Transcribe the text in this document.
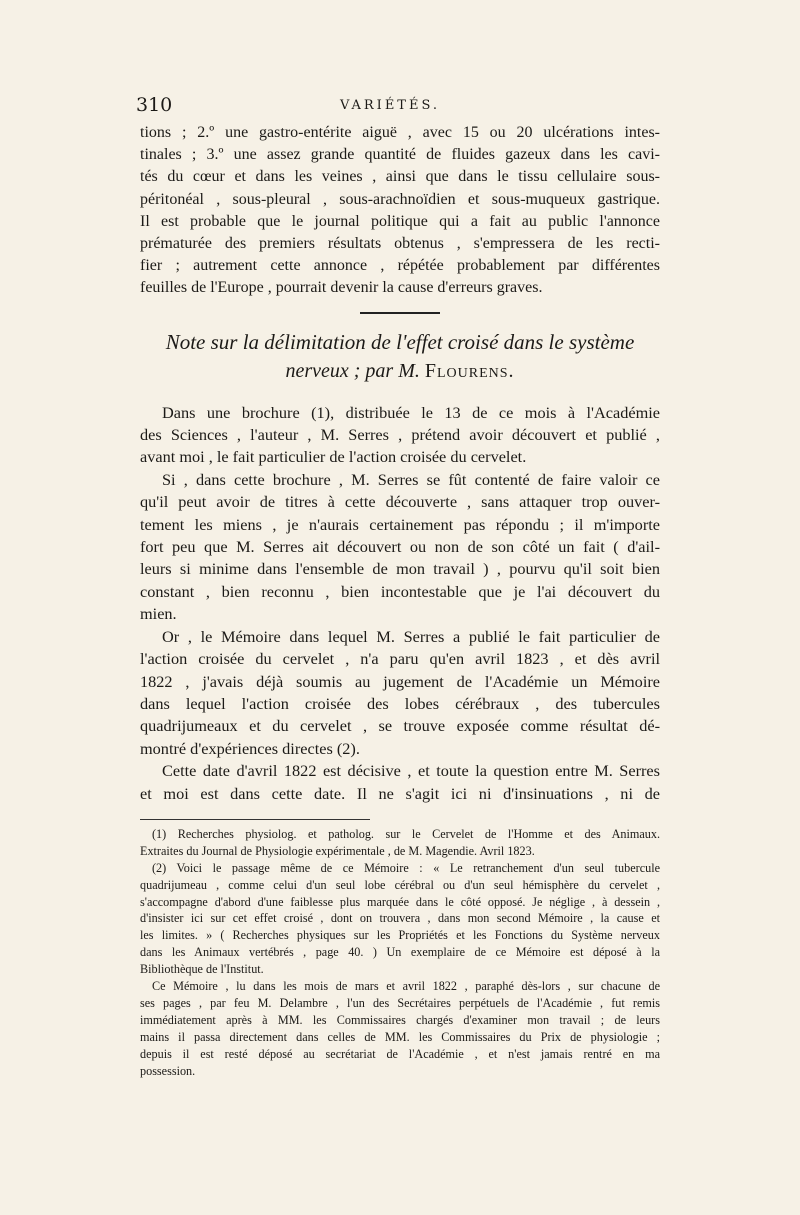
310	VARIÉTÉS.
tions ; 2.º une gastro-entérite aiguë , avec 15 ou 20 ulcérations intes-
tinales ; 3.º une assez grande quantité de fluides gazeux dans les cavi-
tés du cœur et dans les veines , ainsi que dans le tissu cellulaire sous-
péritonéal , sous-pleural , sous-arachnoïdien et sous-muqueux gastrique.
Il est probable que le journal politique qui a fait au public l'annonce
prématurée des premiers résultats obtenus , s'empressera de les recti-
fier ; autrement cette annonce , répétée probablement par différentes
feuilles de l'Europe , pourrait devenir la cause d'erreurs graves.
Note sur la délimitation de l'effet croisé dans le système
nerveux ; par M. Flourens.
Dans une brochure (1), distribuée le 13 de ce mois à l'Académie
des Sciences , l'auteur , M. Serres , prétend avoir découvert et publié ,
avant moi , le fait particulier de l'action croisée du cervelet.
Si , dans cette brochure , M. Serres se fût contenté de faire valoir ce
qu'il peut avoir de titres à cette découverte , sans attaquer trop ouver-
tement les miens , je n'aurais certainement pas répondu ; il m'importe
fort peu que M. Serres ait découvert ou non de son côté un fait ( d'ail-
leurs si minime dans l'ensemble de mon travail ) , pourvu qu'il soit bien
constant , bien reconnu , bien incontestable que je l'ai découvert du
mien.
Or , le Mémoire dans lequel M. Serres a publié le fait particulier de
l'action croisée du cervelet , n'a paru qu'en avril 1823 , et dès avril
1822 , j'avais déjà soumis au jugement de l'Académie un Mémoire
dans lequel l'action croisée des lobes cérébraux , des tubercules
quadrijumeaux et du cervelet , se trouve exposée comme résultat dé-
montré d'expériences directes (2).
Cette date d'avril 1822 est décisive , et toute la question entre M. Serres
et moi est dans cette date. Il ne s'agit ici ni d'insinuations , ni de
(1) Recherches physiolog. et patholog. sur le Cervelet de l'Homme et des Animaux.
Extraites du Journal de Physiologie expérimentale , de M. Magendie. Avril 1823.
(2) Voici le passage même de ce Mémoire : « Le retranchement d'un seul tubercule
quadrijumeau , comme celui d'un seul lobe cérébral ou d'un seul hémisphère du cervelet ,
s'accompagne d'abord d'une faiblesse plus marquée dans le côté opposé. Je néglige , à dessein ,
d'insister ici sur cet effet croisé , dont on trouvera , dans mon second Mémoire , la cause et
les limites. » ( Recherches physiques sur les Propriétés et les Fonctions du Système nerveux
dans les Animaux vertébrés , page 40. ) Un exemplaire de ce Mémoire est déposé à la
Bibliothèque de l'Institut.
Ce Mémoire , lu dans les mois de mars et avril 1822 , paraphé dès-lors , sur chacune de
ses pages , par feu M. Delambre , l'un des Secrétaires perpétuels de l'Académie , fut remis
immédiatement après à MM. les Commissaires chargés d'examiner mon travail ; de leurs
mains il passa directement dans celles de MM. les Commissaires du Prix de physiologie ;
depuis il est resté déposé au secrétariat de l'Académie , et n'est jamais rentré en ma
possession.
